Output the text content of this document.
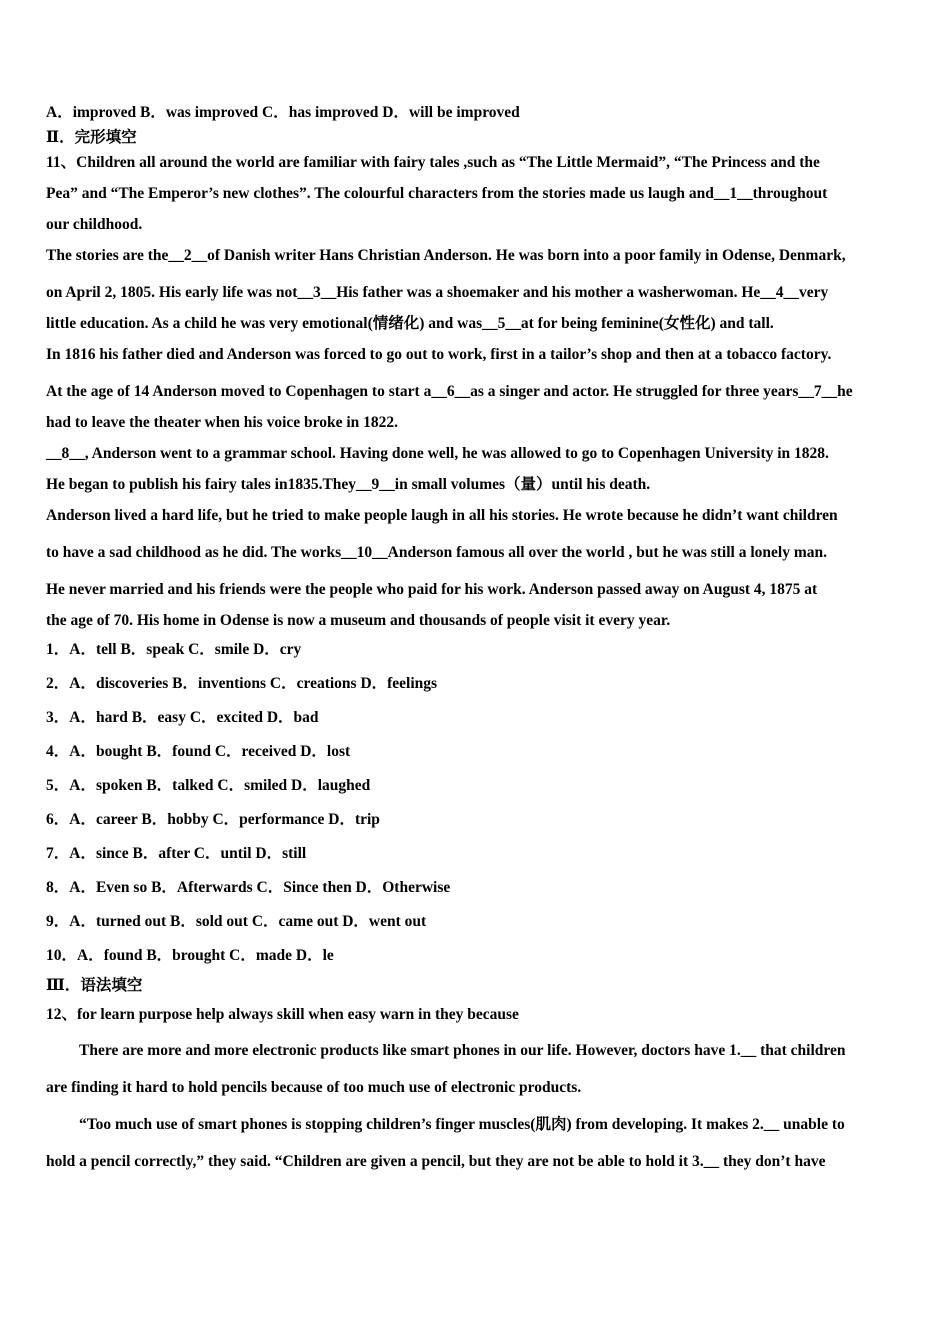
A．improved B．was improved C．has improved D．will be improved
Ⅱ．完形填空
11、Children all around the world are familiar with fairy tales ,such as “The Little Mermaid”, “The Princess and the
Pea” and “The Emperor’s new clothes”. The colourful characters from the stories made us laugh and__1__throughout
our childhood.
The stories are the__2__of Danish writer Hans Christian Anderson. He was born into a poor family in Odense, Denmark,
on April 2, 1805. His early life was not__3__His father was a shoemaker and his mother a washerwoman. He__4__very
little education. As a child he was very emotional(情绪化) and was__5__at for being feminine(女性化) and tall.
In 1816 his father died and Anderson was forced to go out to work, first in a tailor’s shop and then at a tobacco factory.
At the age of 14 Anderson moved to Copenhagen to start a__6__as a singer and actor. He struggled for three years__7__he
had to leave the theater when his voice broke in 1822.
__8__, Anderson went to a grammar school. Having done well, he was allowed to go to Copenhagen University in 1828.
He began to publish his fairy tales in1835.They__9__in small volumes（量）until his death.
Anderson lived a hard life, but he tried to make people laugh in all his stories. He wrote because he didn’t want children
to have a sad childhood as he did. The works__10__Anderson famous all over the world , but he was still a lonely man.
He never married and his friends were the people who paid for his work. Anderson passed away on August 4, 1875 at
the age of 70. His home in Odense is now a museum and thousands of people visit it every year.
1．A．tell B．speak C．smile D．cry
2．A．discoveries B．inventions C．creations D．feelings
3．A．hard B．easy C．excited D．bad
4．A．bought B．found C．received D．lost
5．A．spoken B．talked C．smiled D．laughed
6．A．career B．hobby C．performance D．trip
7．A．since B．after C．until D．still
8．A．Even so B．Afterwards C．Since then D．Otherwise
9．A．turned out B．sold out C．came out D．went out
10．A．found B．brought C．made D．le
Ⅲ．语法填空
12、for learn purpose help always skill when easy warn in they because
There are more and more electronic products like smart phones in our life. However, doctors have 1.__ that children
are finding it hard to hold pencils because of too much use of electronic products.
“Too much use of smart phones is stopping children’s finger muscles(肌肉) from developing. It makes 2.__ unable to
hold a pencil correctly,” they said. “Children are given a pencil, but they are not be able to hold it 3.__ they don’t have
